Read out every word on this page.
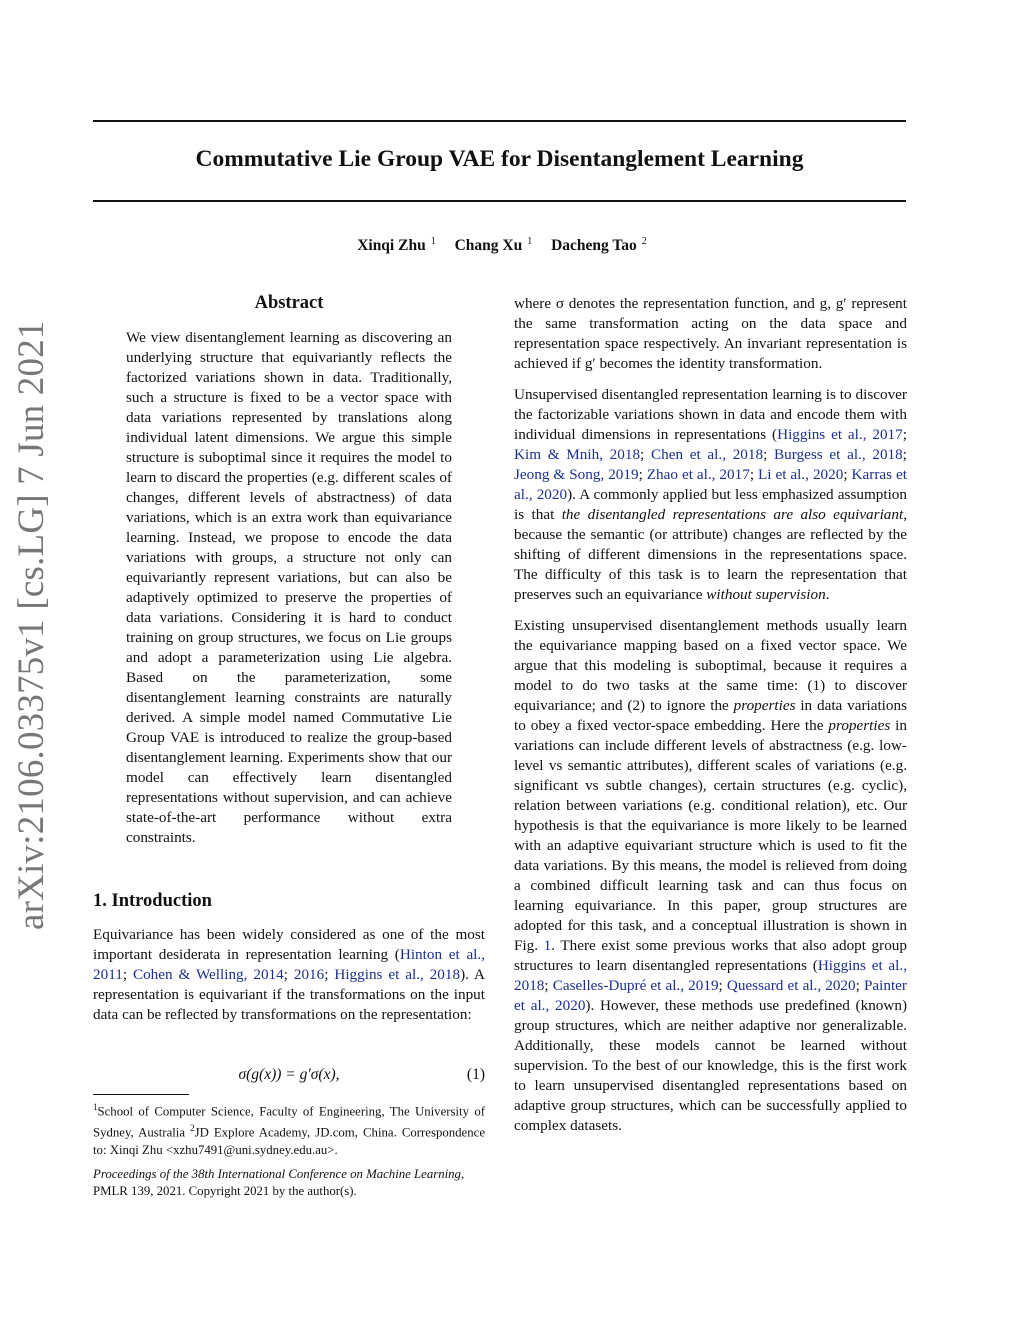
Commutative Lie Group VAE for Disentanglement Learning
Xinqi Zhu $^1$ Chang Xu $^1$ Dacheng Tao $^2$
arXiv:2106.03375v1 [cs.LG] 7 Jun 2021
Abstract

We view disentanglement learning as discovering an underlying structure that equivariantly reflects the factorized variations shown in data. Traditionally, such a structure is fixed to be a vector space with data variations represented by translations along individual latent dimensions. We argue this simple structure is suboptimal since it requires the model to learn to discard the properties (e.g. different scales of changes, different levels of abstractness) of data variations, which is an extra work than equivariance learning. Instead, we propose to encode the data variations with groups, a structure not only can equivariantly represent variations, but can also be adaptively optimized to preserve the properties of data variations. Considering it is hard to conduct training on group structures, we focus on Lie groups and adopt a parameterization using Lie algebra. Based on the parameterization, some disentanglement learning constraints are naturally derived. A simple model named Commutative Lie Group VAE is introduced to realize the group-based disentanglement learning. Experiments show that our model can effectively learn disentangled representations without supervision, and can achieve state-of-the-art performance without extra constraints.

1. Introduction

Equivariance has been widely considered as one of the most important desiderata in representation learning (Hinton et al., 2011; Cohen & Welling, 2014; 2016; Higgins et al., 2018). A representation is equivariant if the transformations on the input data can be reflected by transformations on the representation:

σ(g(x)) = g′σ(x),	(1)
$^1$School of Computer Science, Faculty of Engineering, The University of Sydney, Australia $^2$JD Explore Academy, JD.com, China. Correspondence to: Xinqi Zhu <xzhu7491@uni.sydney.edu.au>.
Proceedings of the 38th International Conference on Machine Learning, PMLR 139, 2021. Copyright 2021 by the author(s).

where σ denotes the representation function, and g, g′ represent the same transformation acting on the data space and representation space respectively. An invariant representation is achieved if g′ becomes the identity transformation.

Unsupervised disentangled representation learning is to discover the factorizable variations shown in data and encode them with individual dimensions in representations (Higgins et al., 2017; Kim & Mnih, 2018; Chen et al., 2018; Burgess et al., 2018; Jeong & Song, 2019; Zhao et al., 2017; Li et al., 2020; Karras et al., 2020). A commonly applied but less emphasized assumption is that the disentangled representations are also equivariant, because the semantic (or attribute) changes are reflected by the shifting of different dimensions in the representations space. The difficulty of this task is to learn the representation that preserves such an equivariance without supervision.

Existing unsupervised disentanglement methods usually learn the equivariance mapping based on a fixed vector space. We argue that this modeling is suboptimal, because it requires a model to do two tasks at the same time: (1) to discover equivariance; and (2) to ignore the properties in data variations to obey a fixed vector-space embedding. Here the properties in variations can include different levels of abstractness (e.g. low-level vs semantic attributes), different scales of variations (e.g. significant vs subtle changes), certain structures (e.g. cyclic), relation between variations (e.g. conditional relation), etc. Our hypothesis is that the equivariance is more likely to be learned with an adaptive equivariant structure which is used to fit the data variations. By this means, the model is relieved from doing a combined difficult learning task and can thus focus on learning equivariance. In this paper, group structures are adopted for this task, and a conceptual illustration is shown in Fig. 1. There exist some previous works that also adopt group structures to learn disentangled representations (Higgins et al., 2018; Caselles-Dupré et al., 2019; Quessard et al., 2020; Painter et al., 2020). However, these methods use predefined (known) group structures, which are neither adaptive nor generalizable. Additionally, these models cannot be learned without supervision. To the best of our knowledge, this is the first work to learn unsupervised disentangled representations based on adaptive group structures, which can be successfully applied to complex datasets.
